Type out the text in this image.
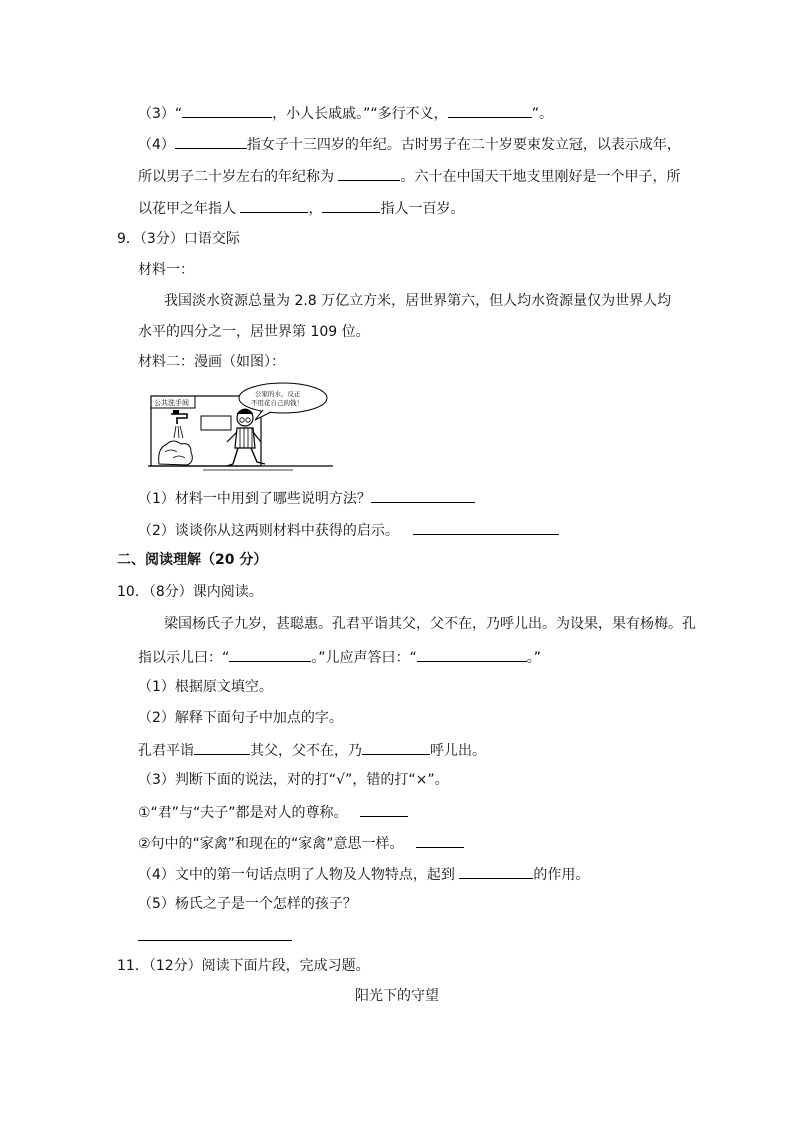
（3）“	，小人长戚戚。”“多行不义，	”。
（4）	指女子十三四岁的年纪。古时男子在二十岁要束发立冠，以表示成年，
所以男子二十岁左右的年纪称为	。六十在中国天干地支里刚好是一个甲子，所
以花甲之年指人	，	指人一百岁。
9．（3分）口语交际
材料一：
我国淡水资源总量为 2.8 万亿立方米，居世界第六，但人均水资源量仅为世界人均
水平的四分之一，居世界第 109 位。
材料二：漫画（如图）：
公共洗手间
公家的水，反正
不用花自己的钱！
（1）材料一中用到了哪些说明方法？
（2）谈谈你从这两则材料中获得的启示。
二、阅读理解（20 分）
10．（8分）课内阅读。
梁国杨氏子九岁，甚聪惠。孔君平诣其父，父不在，乃呼儿出。为设果，果有杨梅。孔
指以示儿曰：“	。”儿应声答曰：“	。”
（1）根据原文填空。
（2）解释下面句子中加点的字。
孔君平诣	其父，父不在，乃	呼儿出。
（3）判断下面的说法，对的打“√”，错的打“×”。
①“君”与“夫子”都是对人的尊称。
②句中的“家禽”和现在的“家禽”意思一样。
（4）文中的第一句话点明了人物及人物特点，起到	的作用。
（5）杨氏之子是一个怎样的孩子？
11．（12分）阅读下面片段，完成习题。
阳光下的守望
